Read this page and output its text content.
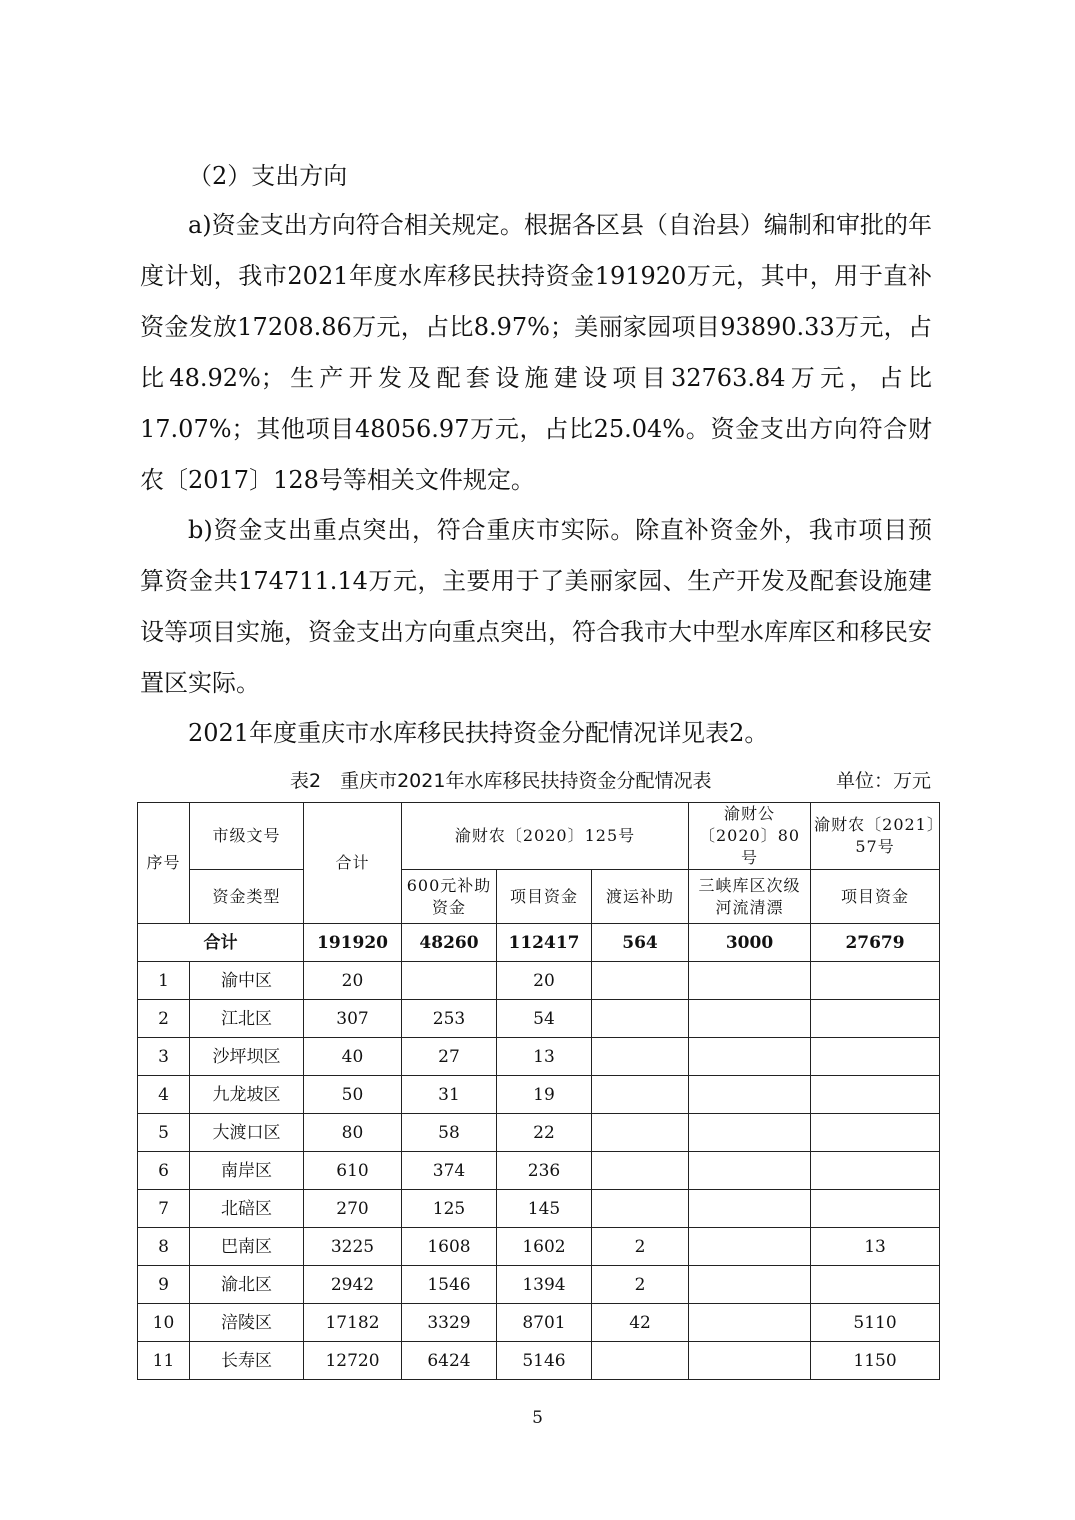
（2）支出方向

a)资金支出方向符合相关规定。根据各区县（自治县）编制和审批的年度计划，我市2021年度水库移民扶持资金191920万元，其中，用于直补资金发放17208.86万元，占比8.97%；美丽家园项目93890.33万元，占比48.92%；生产开发及配套设施建设项目32763.84万元，占比17.07%；其他项目48056.97万元，占比25.04%。资金支出方向符合财农〔2017〕128号等相关文件规定。

b)资金支出重点突出，符合重庆市实际。除直补资金外，我市项目预算资金共174711.14万元，主要用于了美丽家园、生产开发及配套设施建设等项目实施，资金支出方向重点突出，符合我市大中型水库库区和移民安置区实际。

2021年度重庆市水库移民扶持资金分配情况详见表2。

表2　重庆市2021年水库移民扶持资金分配情况表	单位：万元
序号	市级文号	合计	渝财农〔2020〕125号			渝财公〔2020〕80号	渝财农〔2021〕57号
	资金类型		600元补助资金	项目资金	渡运补助	三峡库区次级河流清漂	项目资金
合计		191920	48260	112417	564	3000	27679
1	渝中区	20		20			
2	江北区	307	253	54			
3	沙坪坝区	40	27	13			
4	九龙坡区	50	31	19			
5	大渡口区	80	58	22			
6	南岸区	610	374	236			
7	北碚区	270	125	145			
8	巴南区	3225	1608	1602	2		13
9	渝北区	2942	1546	1394	2		
10	涪陵区	17182	3329	8701	42		5110
11	长寿区	12720	6424	5146			1150
5
